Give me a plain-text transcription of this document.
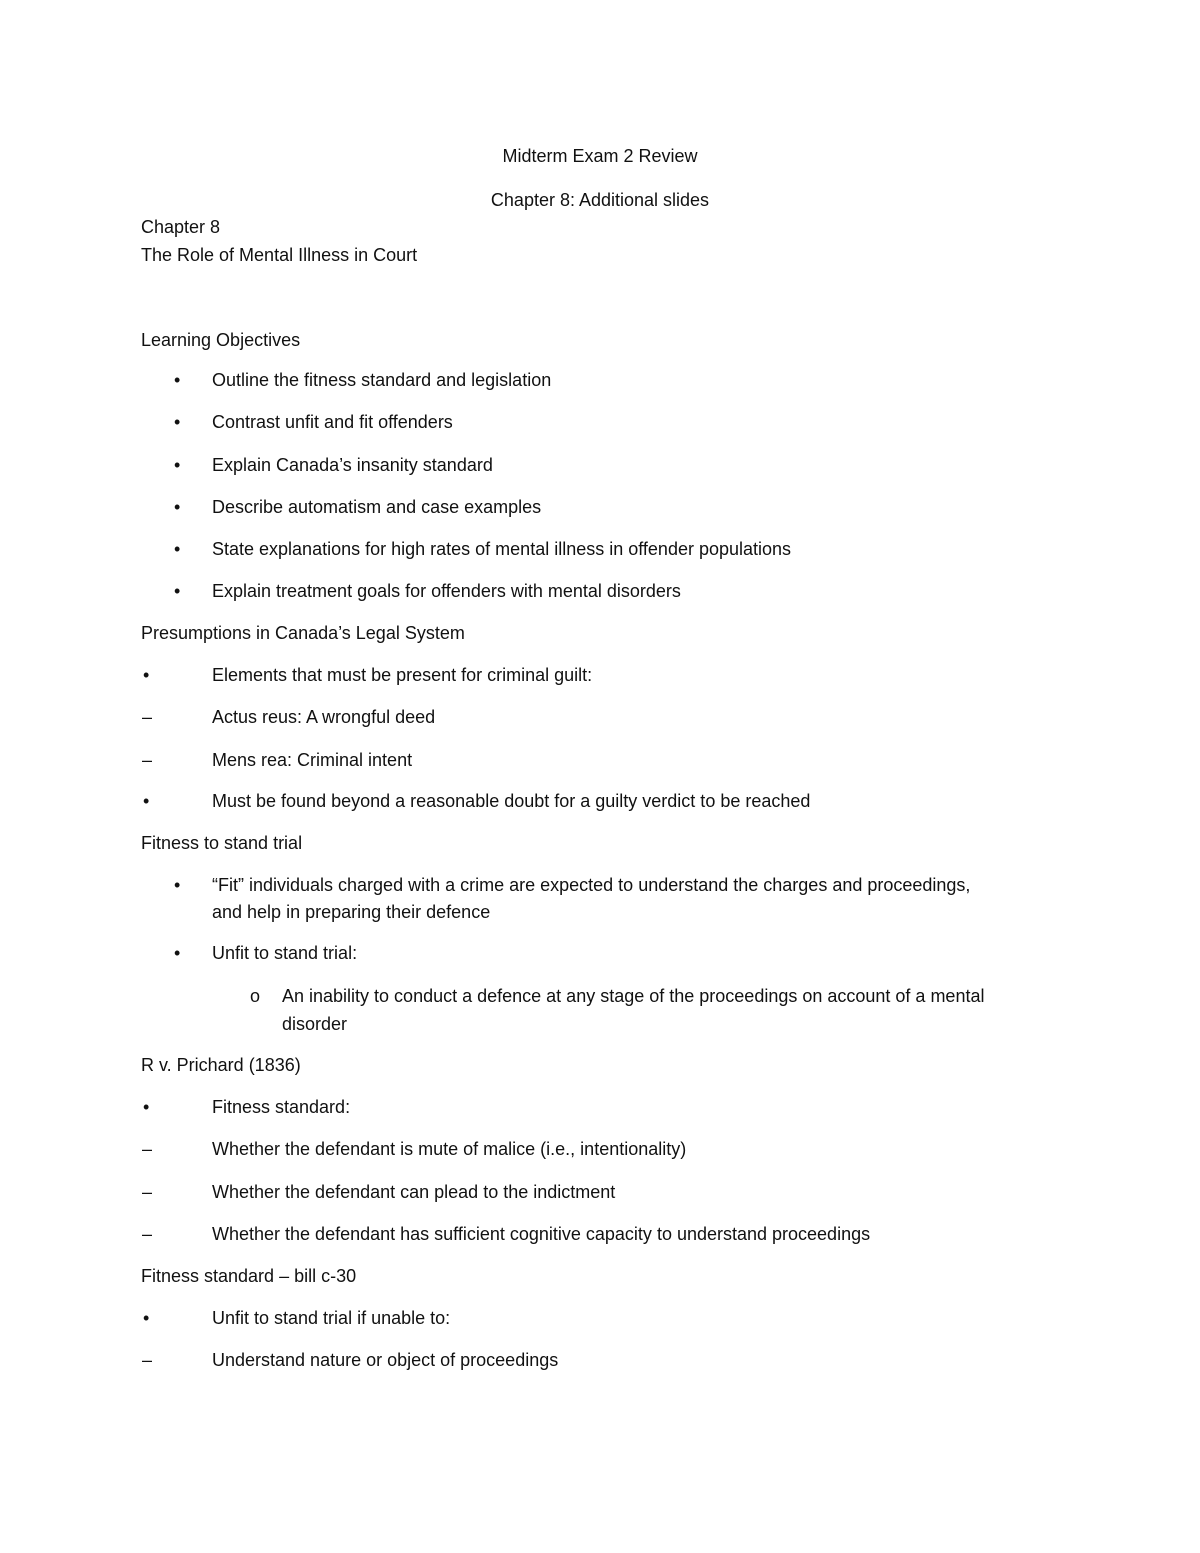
Midterm Exam 2 Review
Chapter 8: Additional slides
Chapter 8
The Role of Mental Illness in Court
Learning Objectives
• Outline the fitness standard and legislation
• Contrast unfit and fit offenders
• Explain Canada’s insanity standard
• Describe automatism and case examples
• State explanations for high rates of mental illness in offender populations
• Explain treatment goals for offenders with mental disorders
Presumptions in Canada’s Legal System
•	Elements that must be present for criminal guilt:
–	Actus reus: A wrongful deed
–	Mens rea: Criminal intent
•	Must be found beyond a reasonable doubt for a guilty verdict to be reached
Fitness to stand trial
• “Fit” individuals charged with a crime are expected to understand the charges and proceedings,
and help in preparing their defence
• Unfit to stand trial:
o An inability to conduct a defence at any stage of the proceedings on account of a mental
disorder
R v. Prichard (1836)
•	Fitness standard:
–	Whether the defendant is mute of malice (i.e., intentionality)
–	Whether the defendant can plead to the indictment
–	Whether the defendant has sufficient cognitive capacity to understand proceedings
Fitness standard – bill c-30
•	Unfit to stand trial if unable to:
–	Understand nature or object of proceedings
